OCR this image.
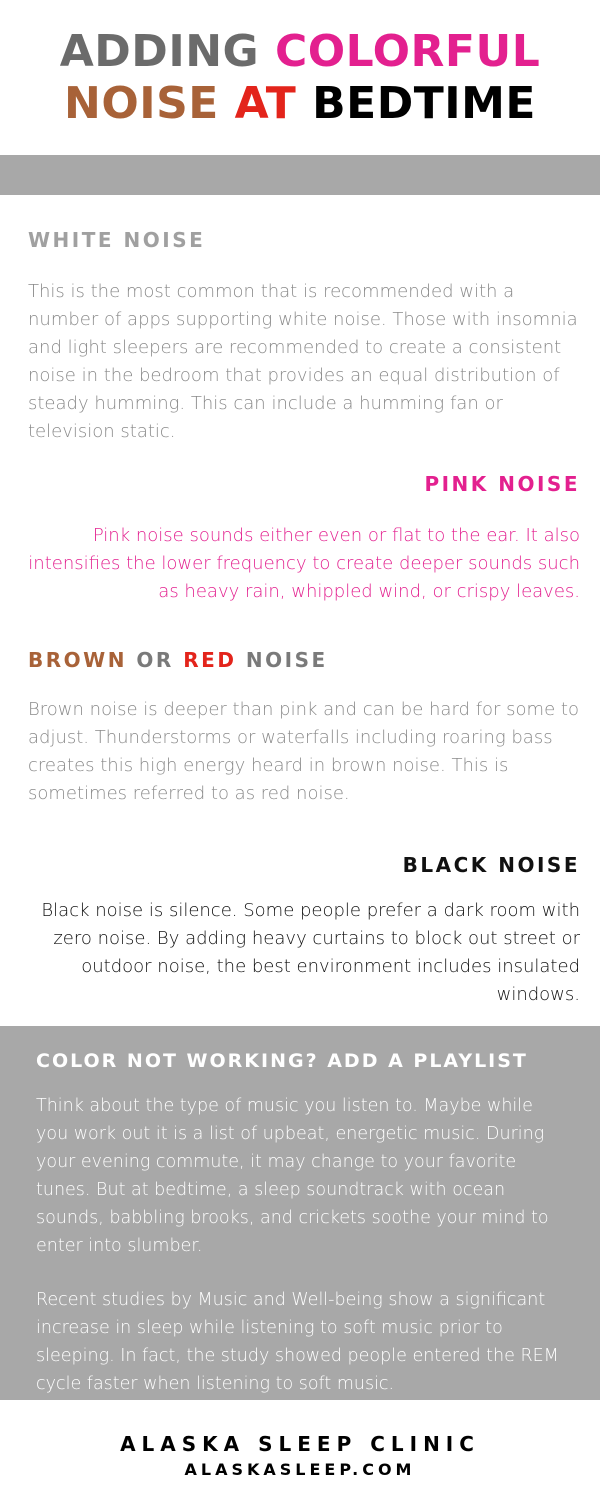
ADDING COLORFUL
NOISE AT BEDTIME
WHITE NOISE
This is the most common that is recommended with a number of apps supporting white noise. Those with insomnia and light sleepers are recommended to create a consistent noise in the bedroom that provides an equal distribution of steady humming. This can include a humming fan or television static.
PINK NOISE
Pink noise sounds either even or flat to the ear. It also intensifies the lower frequency to create deeper sounds such as heavy rain, whippled wind, or crispy leaves.
BROWN OR RED NOISE
Brown noise is deeper than pink and can be hard for some to adjust. Thunderstorms or waterfalls including roaring bass creates this high energy heard in brown noise. This is sometimes referred to as red noise.
BLACK NOISE
Black noise is silence. Some people prefer a dark room with zero noise. By adding heavy curtains to block out street or outdoor noise, the best environment includes insulated windows.
COLOR NOT WORKING? ADD A PLAYLIST
Think about the type of music you listen to. Maybe while you work out it is a list of upbeat, energetic music. During your evening commute, it may change to your favorite tunes. But at bedtime, a sleep soundtrack with ocean sounds, babbling brooks, and crickets soothe your mind to enter into slumber.
Recent studies by Music and Well-being show a significant increase in sleep while listening to soft music prior to sleeping. In fact, the study showed people entered the REM cycle faster when listening to soft music.
ALASKA SLEEP CLINIC
ALASKASLEEP.COM
